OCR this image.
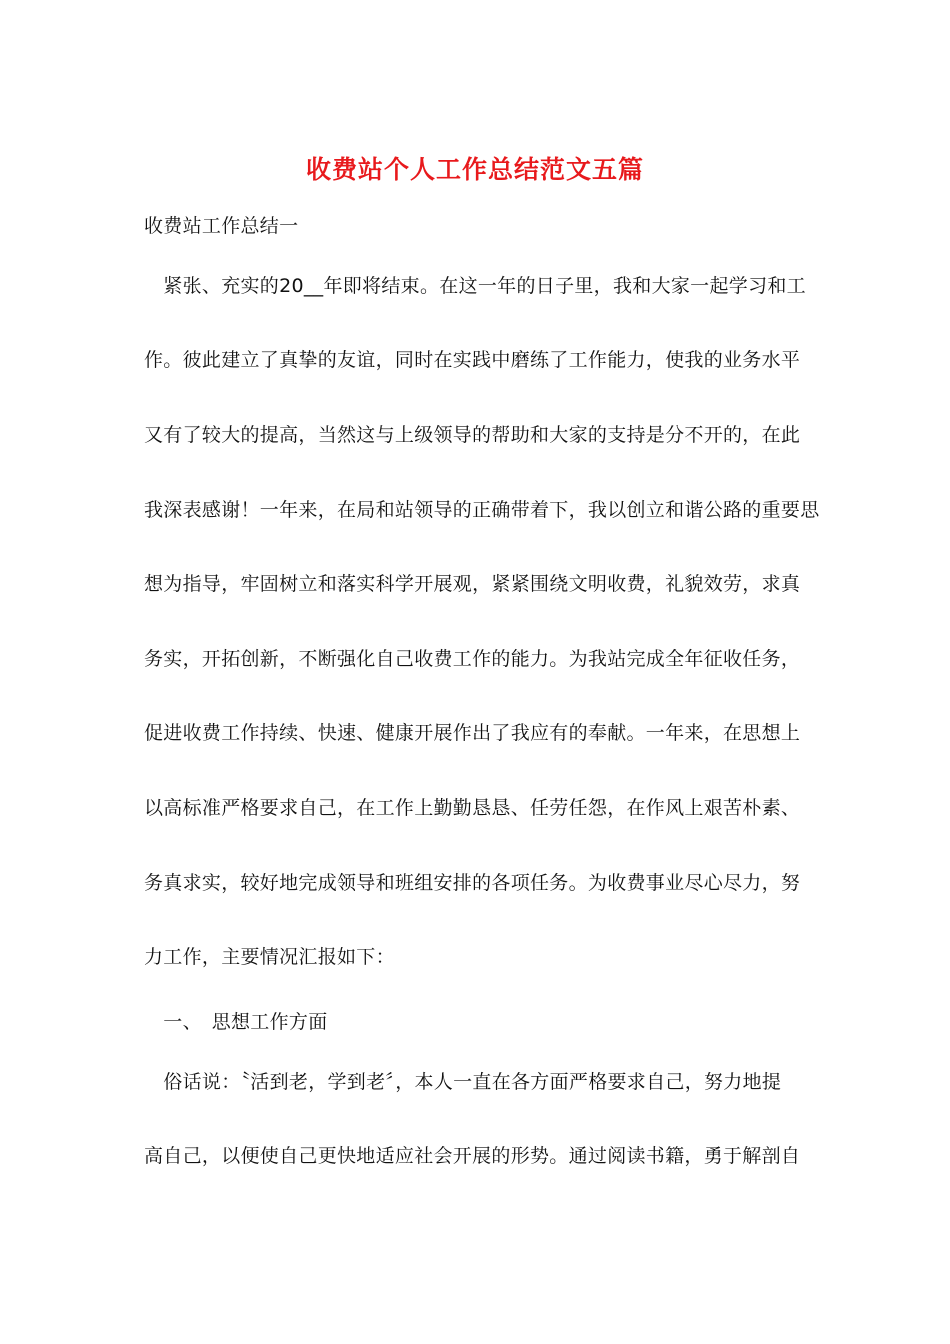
收费站个人工作总结范文五篇
收费站工作总结一
　紧张、充实的20__年即将结束。在这一年的日子里，我和大家一起学习和工
作。彼此建立了真挚的友谊，同时在实践中磨练了工作能力，使我的业务水平
又有了较大的提高，当然这与上级领导的帮助和大家的支持是分不开的，在此
我深表感谢！一年来，在局和站领导的正确带着下，我以创立和谐公路的重要思
想为指导，牢固树立和落实科学开展观，紧紧围绕文明收费，礼貌效劳，求真
务实，开拓创新，不断强化自己收费工作的能力。为我站完成全年征收任务，
促进收费工作持续、快速、健康开展作出了我应有的奉献。一年来，在思想上
以高标准严格要求自己，在工作上勤勤恳恳、任劳任怨，在作风上艰苦朴素、
务真求实，较好地完成领导和班组安排的各项任务。为收费事业尽心尽力，努
力工作，主要情况汇报如下：
　一、　思想工作方面
　俗话说：〝活到老，学到老〞，本人一直在各方面严格要求自己，努力地提
高自己，以便使自己更快地适应社会开展的形势。通过阅读书籍，勇于解剖自
